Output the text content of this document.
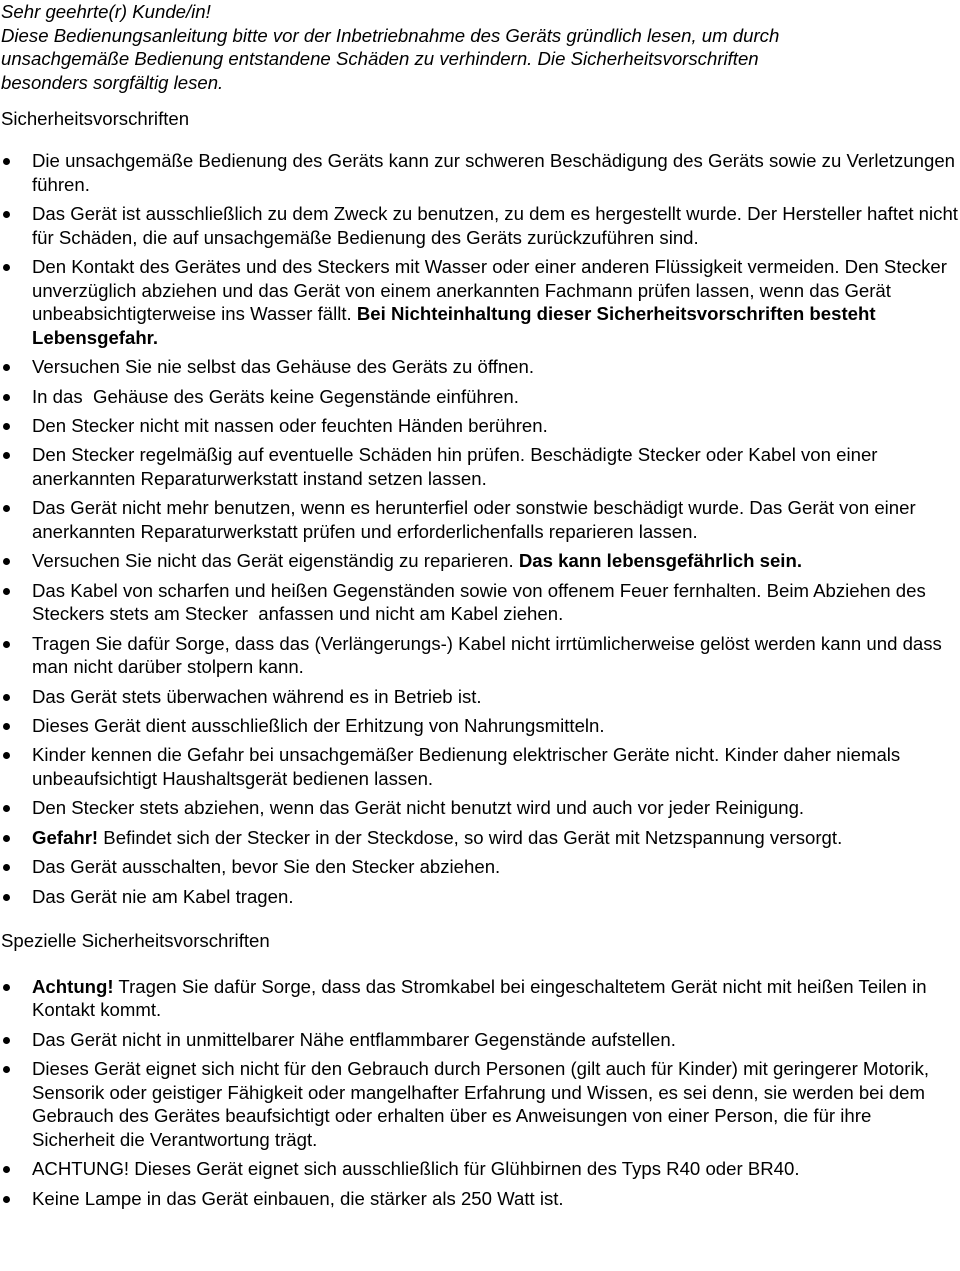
Sehr geehrte(r) Kunde/in!
Diese Bedienungsanleitung bitte vor der Inbetriebnahme des Geräts gründlich lesen, um durch
unsachgemäße Bedienung entstandene Schäden zu verhindern. Die Sicherheitsvorschriften
besonders sorgfältig lesen.

Sicherheitsvorschriften
Die unsachgemäße Bedienung des Geräts kann zur schweren Beschädigung des Geräts sowie zu Verletzungen führen.
Das Gerät ist ausschließlich zu dem Zweck zu benutzen, zu dem es hergestellt wurde. Der Hersteller haftet nicht für Schäden, die auf unsachgemäße Bedienung des Geräts zurückzuführen sind.
Den Kontakt des Gerätes und des Steckers mit Wasser oder einer anderen Flüssigkeit vermeiden. Den Stecker unverzüglich abziehen und das Gerät von einem anerkannten Fachmann prüfen lassen, wenn das Gerät unbeabsichtigterweise ins Wasser fällt. Bei Nichteinhaltung dieser Sicherheitsvorschriften besteht Lebensgefahr.
Versuchen Sie nie selbst das Gehäuse des Geräts zu öffnen.
In das  Gehäuse des Geräts keine Gegenstände einführen.
Den Stecker nicht mit nassen oder feuchten Händen berühren.
Den Stecker regelmäßig auf eventuelle Schäden hin prüfen. Beschädigte Stecker oder Kabel von einer anerkannten Reparaturwerkstatt instand setzen lassen.
Das Gerät nicht mehr benutzen, wenn es herunterfiel oder sonstwie beschädigt wurde. Das Gerät von einer anerkannten Reparaturwerkstatt prüfen und erforderlichenfalls reparieren lassen.
Versuchen Sie nicht das Gerät eigenständig zu reparieren. Das kann lebensgefährlich sein.
Das Kabel von scharfen und heißen Gegenständen sowie von offenem Feuer fernhalten. Beim Abziehen des Steckers stets am Stecker  anfassen und nicht am Kabel ziehen.
Tragen Sie dafür Sorge, dass das (Verlängerungs-) Kabel nicht irrtümlicherweise gelöst werden kann und dass man nicht darüber stolpern kann.
Das Gerät stets überwachen während es in Betrieb ist.
Dieses Gerät dient ausschließlich der Erhitzung von Nahrungsmitteln.
Kinder kennen die Gefahr bei unsachgemäßer Bedienung elektrischer Geräte nicht. Kinder daher niemals unbeaufsichtigt Haushaltsgerät bedienen lassen.
Den Stecker stets abziehen, wenn das Gerät nicht benutzt wird und auch vor jeder Reinigung.
Gefahr! Befindet sich der Stecker in der Steckdose, so wird das Gerät mit Netzspannung versorgt.
Das Gerät ausschalten, bevor Sie den Stecker abziehen.
Das Gerät nie am Kabel tragen.
Spezielle Sicherheitsvorschriften
Achtung! Tragen Sie dafür Sorge, dass das Stromkabel bei eingeschaltetem Gerät nicht mit heißen Teilen in Kontakt kommt.
Das Gerät nicht in unmittelbarer Nähe entflammbarer Gegenstände aufstellen.
Dieses Gerät eignet sich nicht für den Gebrauch durch Personen (gilt auch für Kinder) mit geringerer Motorik, Sensorik oder geistiger Fähigkeit oder mangelhafter Erfahrung und Wissen, es sei denn, sie werden bei dem Gebrauch des Gerätes beaufsichtigt oder erhalten über es Anweisungen von einer Person, die für ihre Sicherheit die Verantwortung trägt.
ACHTUNG! Dieses Gerät eignet sich ausschließlich für Glühbirnen des Typs R40 oder BR40.
Keine Lampe in das Gerät einbauen, die stärker als 250 Watt ist.
